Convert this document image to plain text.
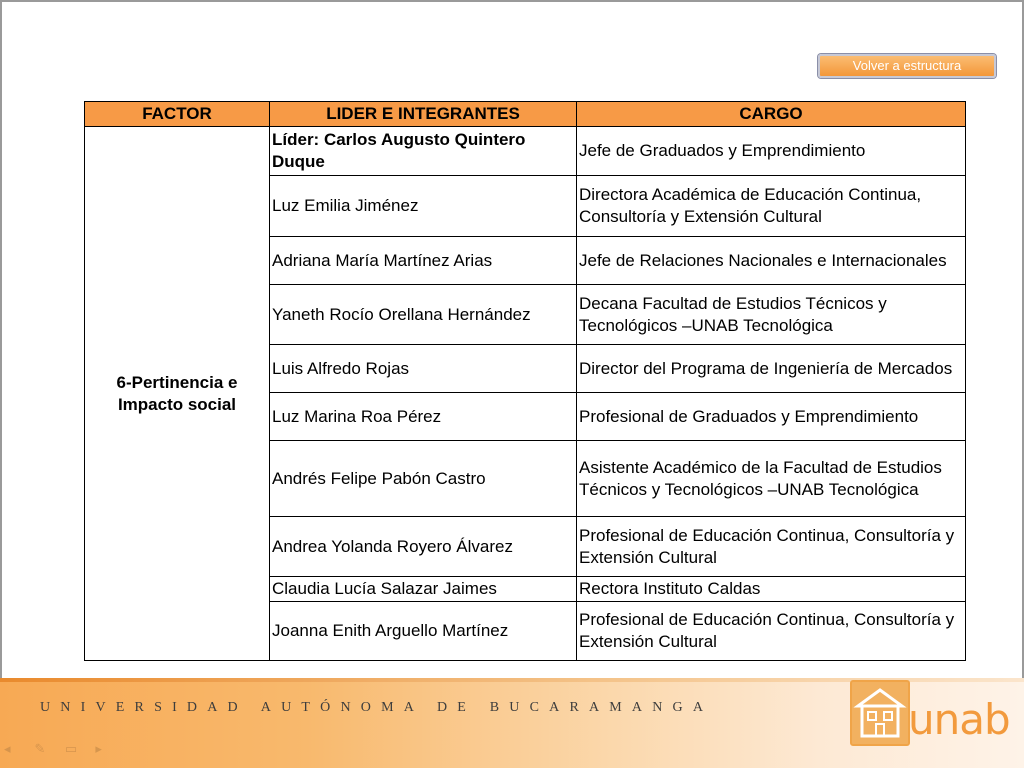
Volver a estructura
FACTOR	LIDER E INTEGRANTES	CARGO
6-Pertinencia e Impacto social	Líder: Carlos Augusto Quintero Duque	Jefe de Graduados y Emprendimiento
	Luz Emilia Jiménez	Directora Académica de Educación Continua, Consultoría y Extensión Cultural
	Adriana María Martínez Arias	Jefe de Relaciones Nacionales e Internacionales
	Yaneth Rocío Orellana Hernández	Decana Facultad de Estudios Técnicos y Tecnológicos –UNAB Tecnológica
	Luis Alfredo Rojas	Director del Programa de Ingeniería de Mercados
	Luz Marina Roa Pérez	Profesional de Graduados y Emprendimiento
	Andrés Felipe Pabón Castro	Asistente Académico de la Facultad de Estudios Técnicos y Tecnológicos –UNAB Tecnológica
	Andrea Yolanda Royero Álvarez	Profesional de Educación Continua, Consultoría y Extensión Cultural
	Claudia Lucía Salazar Jaimes	Rectora Instituto Caldas
	Joanna Enith Arguello Martínez	Profesional de Educación Continua, Consultoría y Extensión Cultural
UNIVERSIDAD AUTÓNOMA DE BUCARAMANGA	unab
◂ ✎ ▭ ▸
